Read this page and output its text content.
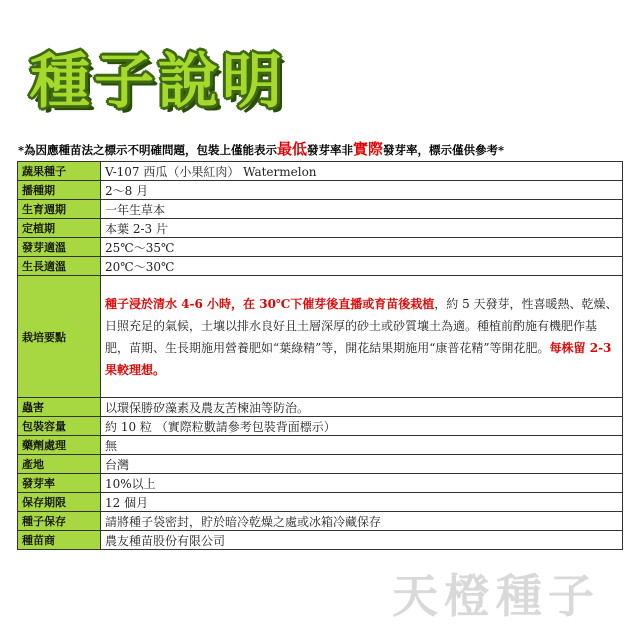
種子說明
*為因應種苗法之標示不明確問題，包裝上僅能表示最低發芽率非實際發芽率，標示僅供參考*
蔬果種子	V-107 西瓜（小果紅肉） Watermelon
播種期	2～8 月
生育週期	一年生草本
定植期	本葉 2-3 片
發芽適溫	25℃～35℃
生長適溫	20℃～30℃
栽培要點	種子浸於清水 4-6 小時，在 30℃下催芽後直播或育苗後栽植，約 5 天發芽，性喜暖熱、乾燥、日照充足的氣候，土壤以排水良好且土層深厚的砂土或砂質壤土為適。種植前酌施有機肥作基肥，苗期、生長期施用營養肥如“葉綠精”等，開花結果期施用“康普花精”等開花肥。每株留 2-3 果較理想。
蟲害	以環保勝矽藻素及農友苦楝油等防治。
包裝容量	約 10 粒 （實際粒數請參考包裝背面標示）
藥劑處理	無
產地	台灣
發芽率	10%以上
保存期限	12 個月
種子保存	請將種子袋密封，貯於暗冷乾燥之處或冰箱冷藏保存
種苗商	農友種苗股份有限公司
天橙種子
